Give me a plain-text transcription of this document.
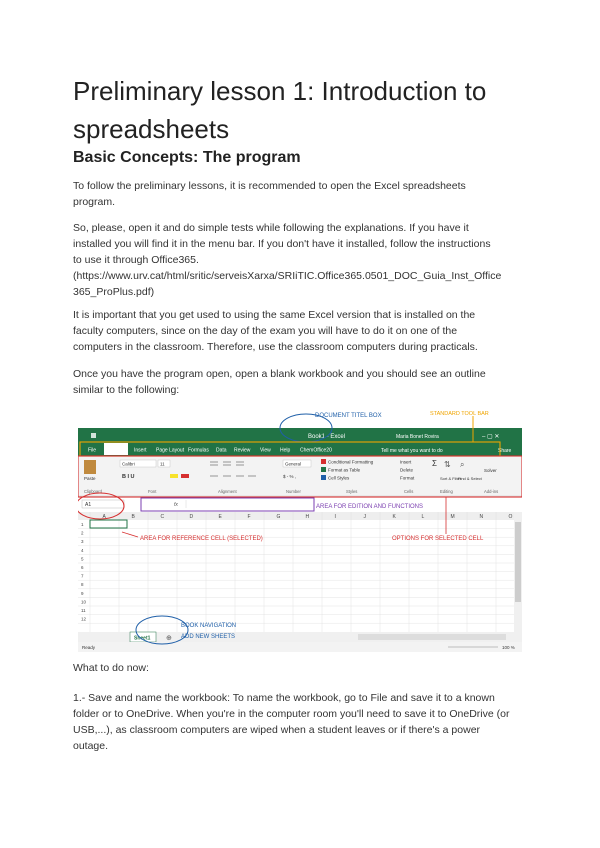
Preliminary lesson 1: Introduction to
spreadsheets
Basic Concepts: The program

To follow the preliminary lessons, it is recommended to open the Excel spreadsheets
program.

So, please, open it and do simple tests while following the explanations. If you have it
installed you will find it in the menu bar. If you don't have it installed, follow the instructions
to use it through Office365.
(https://www.urv.cat/html/sritic/serveisXarxa/SRIiTIC.Office365.0501_DOC_Guia_Inst_Office
365_ProPlus.pdf)

It is important that you get used to using the same Excel version that is installed on the
faculty computers, since on the day of the exam you will have to do it on one of the
computers in the classroom. Therefore, use the classroom computers during practicals.

Once you have the program open, open a blank workbook and you should see an outline
similar to the following:

Book1 - Excel	Maria Bonet Rovira	– ▢ ✕
File	Insert Page Layout Formulas Data Review View Help ChemOffice20	Tell me what you want to do	Share
Paste
Calibri	11
B I U
General
$ - % ,
Conditional Formatting
Format as Table
Cell Styles
Insert
Delete
Format
Σ ⇅ ⌕
Sort & Filter
Find & Select
Solver
Clipboard	Font	Alignment	Number	Styles	Cells	Editing	Add-ins
A1	fx
A	B	C	D	E	F	G	H	I	J	K	L	M	N	O
1
2
3
4
5
6
7
8
9
10
11
12
Sheet1 ⊕
Ready	100 %
DOCUMENT TITEL BOX	STANDARD TOOL BAR
AREA FOR EDITION AND FUNCTIONS
AREA FOR REFERENCE CELL (SELECTED)	OPTIONS FOR SELECTED CELL
BOOK NAVIGATION
ADD NEW SHEETS

What to do now:

1.- Save and name the workbook: To name the workbook, go to File and save it to a known
folder or to OneDrive. When you're in the computer room you'll need to save it to OneDrive (or
USB,...), as classroom computers are wiped when a student leaves or if there's a power
outage.
